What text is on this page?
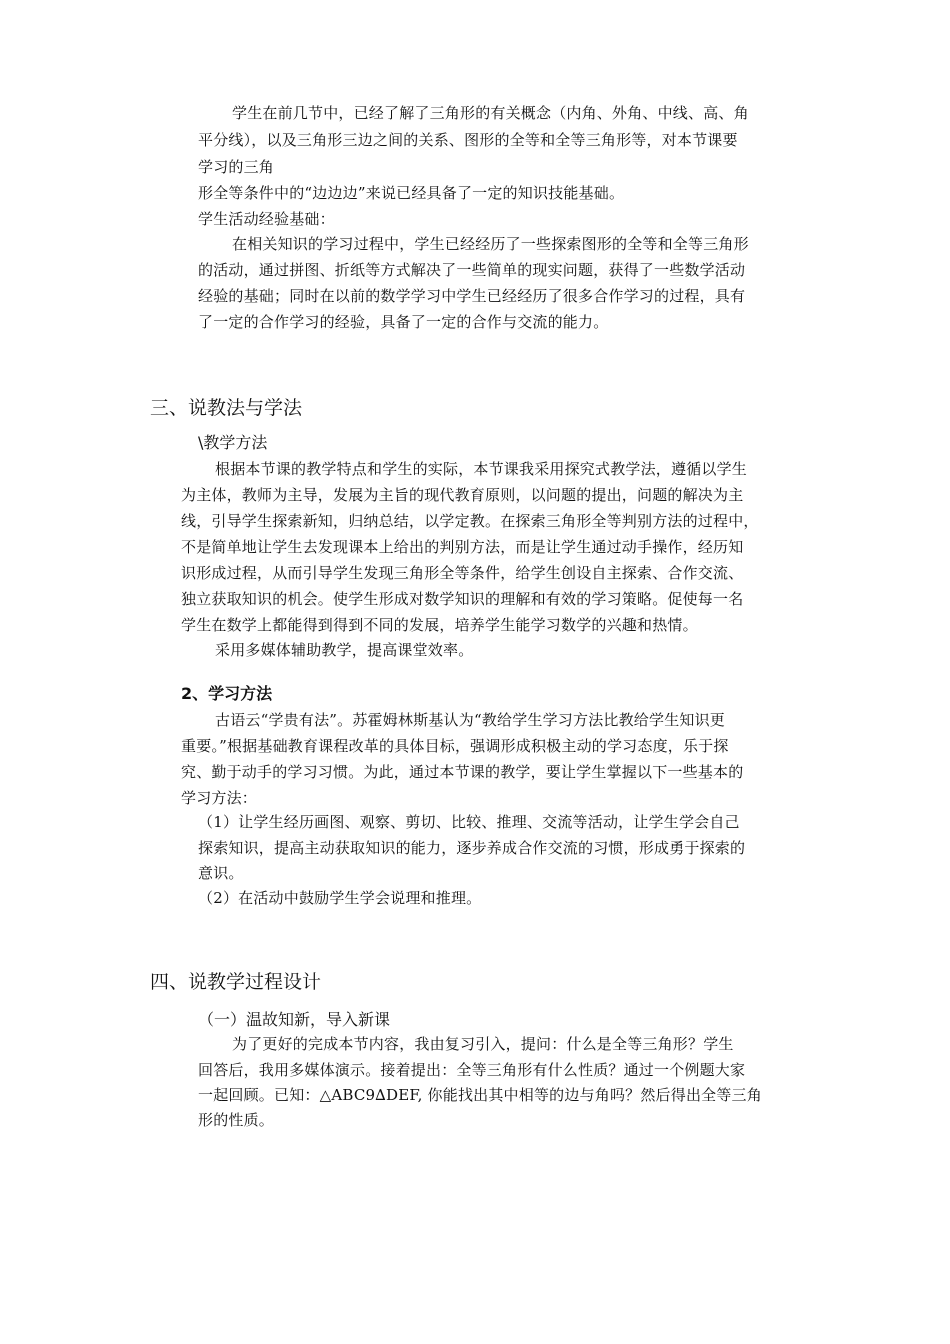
学生在前几节中，已经了解了三角形的有关概念（内角、外角、中线、高、角
平分线），以及三角形三边之间的关系、图形的全等和全等三角形等，对本节课要
学习的三角
形全等条件中的“边边边”来说已经具备了一定的知识技能基础。
学生活动经验基础：
在相关知识的学习过程中，学生已经经历了一些探索图形的全等和全等三角形
的活动，通过拼图、折纸等方式解决了一些简单的现实问题，获得了一些数学活动
经验的基础；同时在以前的数学学习中学生已经经历了很多合作学习的过程，具有
了一定的合作学习的经验，具备了一定的合作与交流的能力。
三、说教法与学法
\教学方法
根据本节课的教学特点和学生的实际，本节课我采用探究式教学法，遵循以学生
为主体，教师为主导，发展为主旨的现代教育原则，以问题的提出，问题的解决为主
线，引导学生探索新知，归纳总结，以学定教。在探索三角形全等判别方法的过程中，
不是简单地让学生去发现课本上给出的判别方法，而是让学生通过动手操作，经历知
识形成过程，从而引导学生发现三角形全等条件，给学生创设自主探索、合作交流、
独立获取知识的机会。使学生形成对数学知识的理解和有效的学习策略。促使每一名
学生在数学上都能得到得到不同的发展，培养学生能学习数学的兴趣和热情。
采用多媒体辅助教学，提高课堂效率。
2、学习方法
古语云“学贵有法”。苏霍姆林斯基认为“教给学生学习方法比教给学生知识更
重要。”根据基础教育课程改革的具体目标，强调形成积极主动的学习态度，乐于探
究、勤于动手的学习习惯。为此，通过本节课的教学，要让学生掌握以下一些基本的
学习方法：
（1）让学生经历画图、观察、剪切、比较、推理、交流等活动，让学生学会自己
探索知识，提高主动获取知识的能力，逐步养成合作交流的习惯，形成勇于探索的
意识。
（2）在活动中鼓励学生学会说理和推理。
四、说教学过程设计
（一）温故知新，导入新课
为了更好的完成本节内容，我由复习引入，提问：什么是全等三角形？学生
回答后，我用多媒体演示。接着提出：全等三角形有什么性质？通过一个例题大家
一起回顾。已知：△ABC9∆DEF, 你能找出其中相等的边与角吗？然后得出全等三角
形的性质。
